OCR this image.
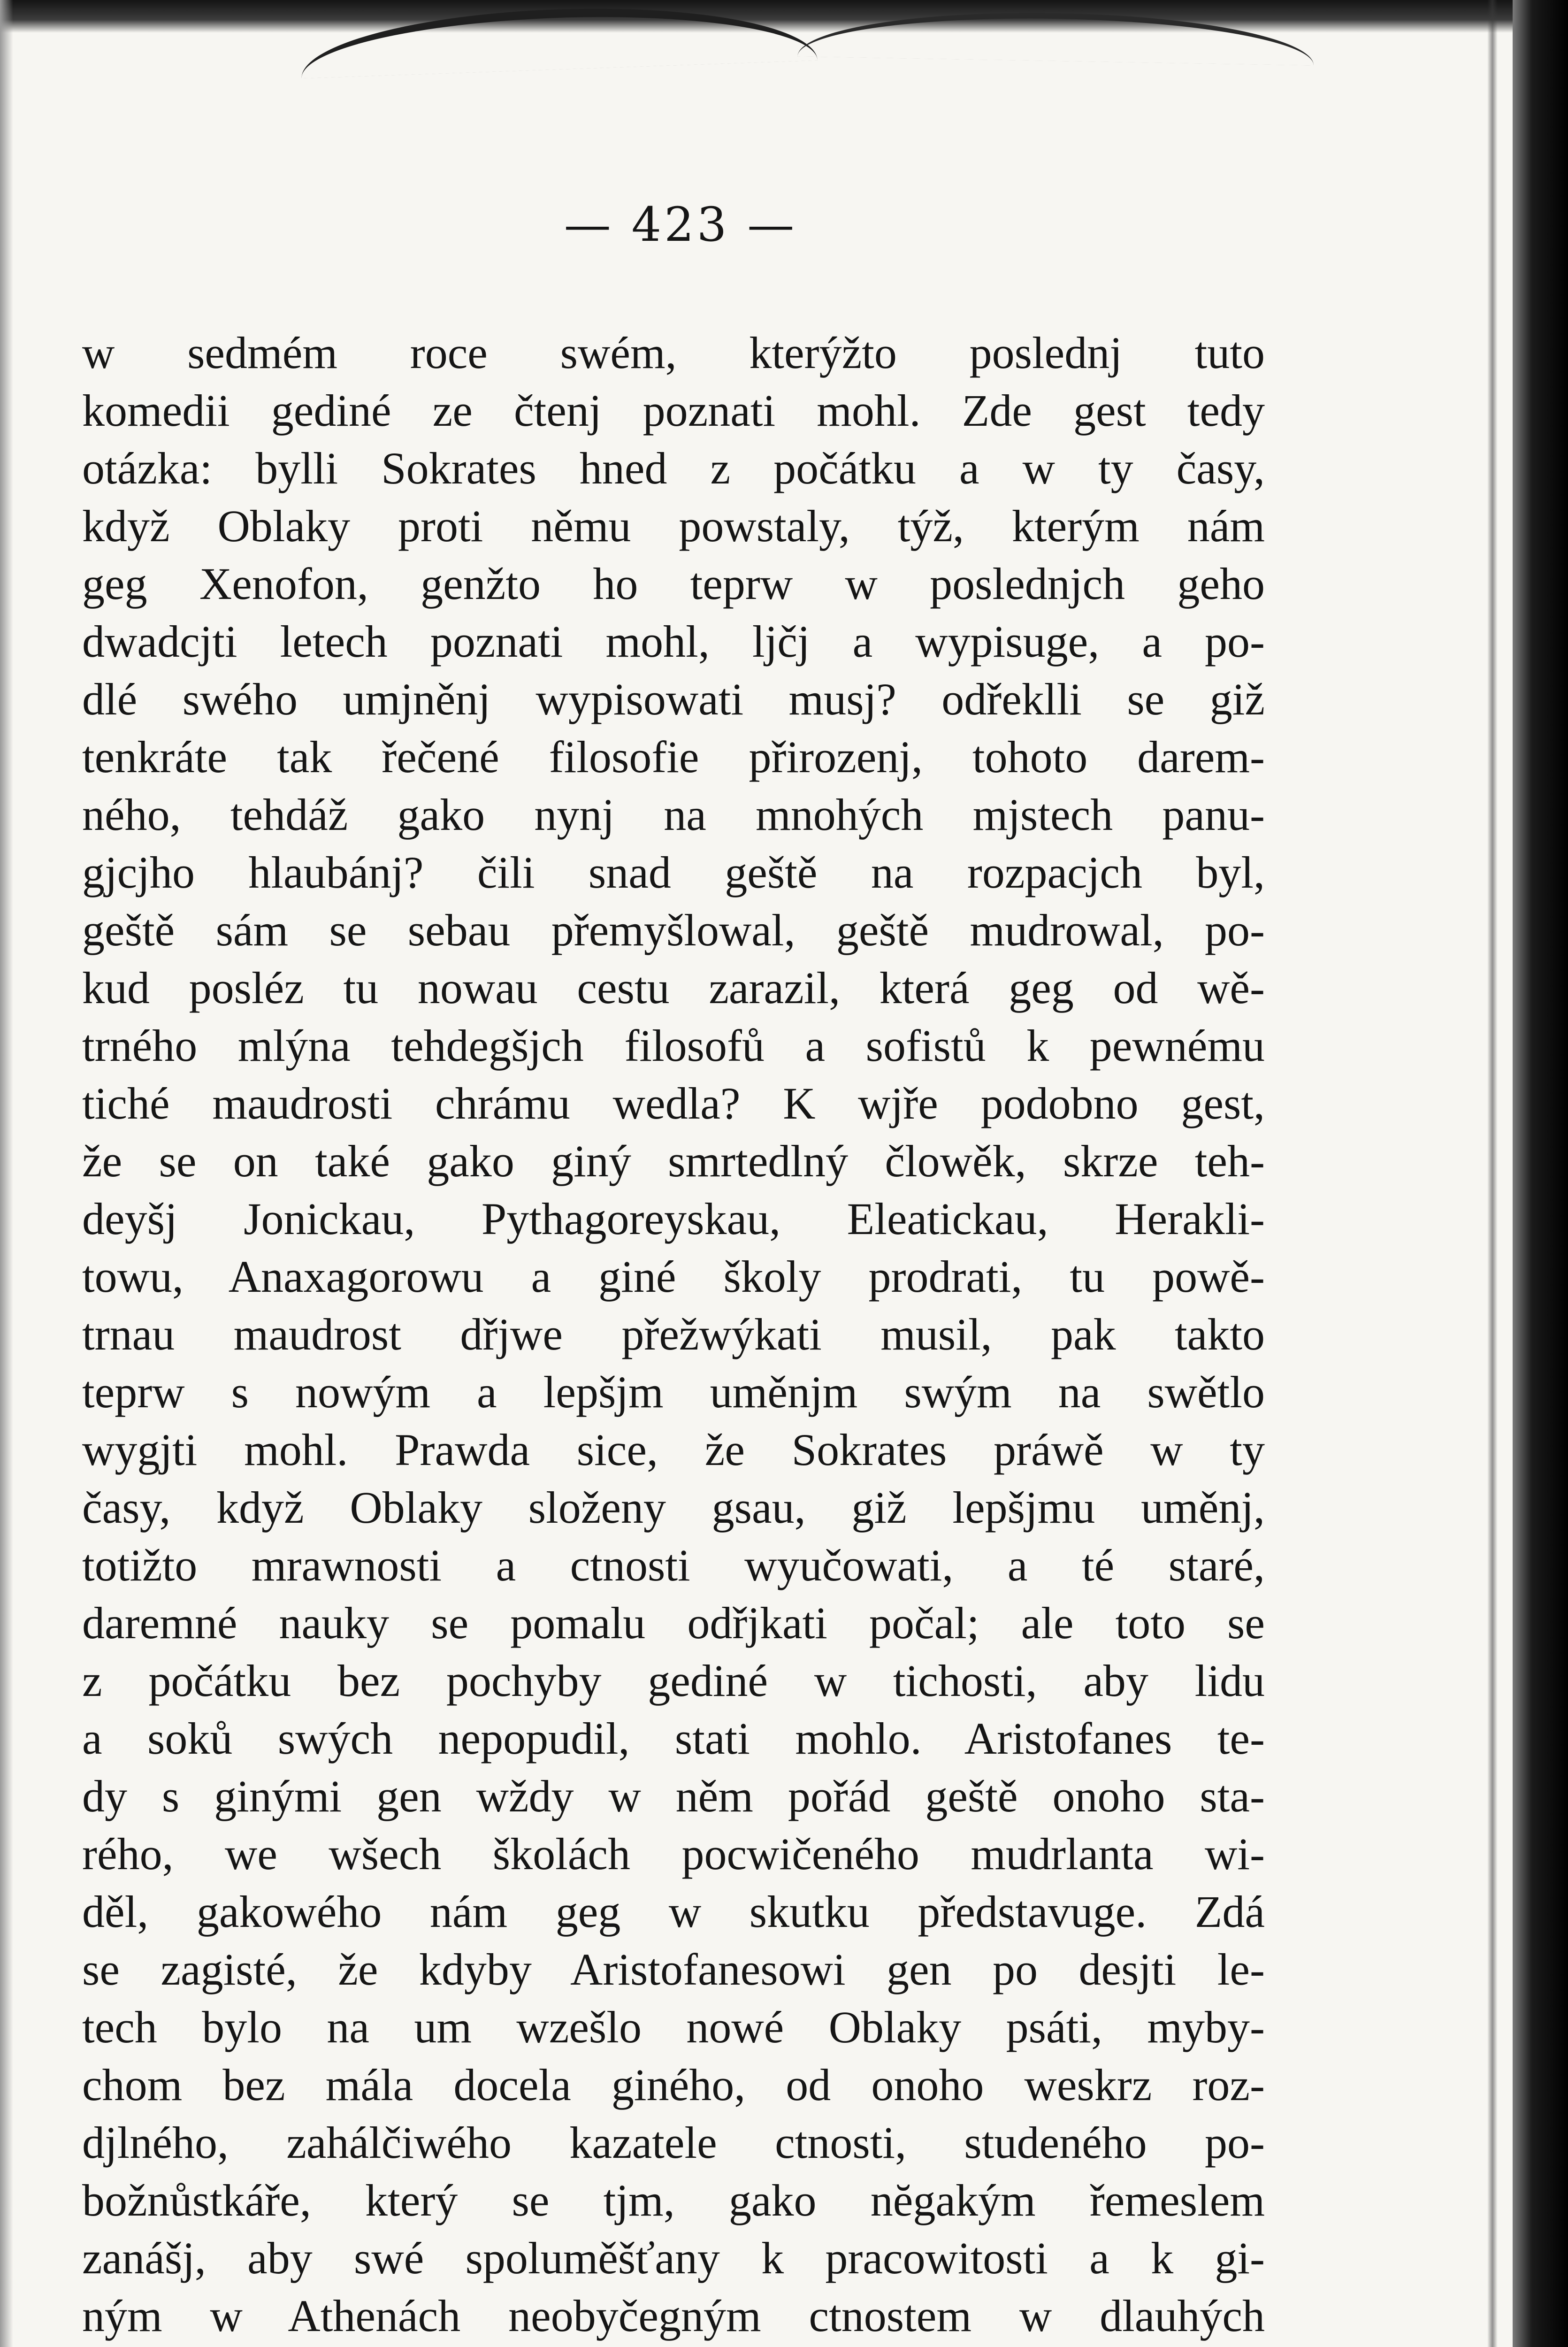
— 423 —
w sedmém roce swém, kterýžto poslednj tuto
komedii gediné ze čtenj poznati mohl. Zde gest tedy
otázka: bylli Sokrates hned z počátku a w ty časy,
když Oblaky proti němu powstaly, týž, kterým nám
geg Xenofon, genžto ho teprw w poslednjch geho
dwadcjti letech poznati mohl, ljčj a wypisuge, a po-
dlé swého umjněnj wypisowati musj? odřeklli se giž
tenkráte tak řečené filosofie přirozenj, tohoto darem-
ného, tehdáž gako nynj na mnohých mjstech panu-
gjcjho hlaubánj? čili snad geště na rozpacjch byl,
geště sám se sebau přemyšlowal, geště mudrowal, po-
kud posléz tu nowau cestu zarazil, která geg od wě-
trného mlýna tehdegšjch filosofů a sofistů k pewnému
tiché maudrosti chrámu wedla? K wjře podobno gest,
že se on také gako giný smrtedlný člowěk, skrze teh-
deyšj Jonickau, Pythagoreyskau, Eleatickau, Herakli-
towu, Anaxagorowu a giné školy prodrati, tu powě-
trnau maudrost dřjwe přežwýkati musil, pak takto
teprw s nowým a lepšjm uměnjm swým na swětlo
wygjti mohl. Prawda sice, že Sokrates práwě w ty
časy, když Oblaky složeny gsau, giž lepšjmu uměnj,
totižto mrawnosti a ctnosti wyučowati, a té staré,
daremné nauky se pomalu odřjkati počal; ale toto se
z počátku bez pochyby gediné w tichosti, aby lidu
a soků swých nepopudil, stati mohlo. Aristofanes te-
dy s ginými gen wždy w něm pořád geště onoho sta-
rého, we wšech školách pocwičeného mudrlanta wi-
děl, gakowého nám geg w skutku představuge. Zdá
se zagisté, že kdyby Aristofanesowi gen po desjti le-
tech bylo na um wzešlo nowé Oblaky psáti, myby-
chom bez mála docela giného, od onoho weskrz roz-
djlného, zahálčiwého kazatele ctnosti, studeného po-
božnůstkáře, který se tjm, gako nĕgakým řemeslem
zanášj, aby swé spoluměšťany k pracowitosti a k gi-
ným w Athenách neobyčegným ctnostem w dlauhých
